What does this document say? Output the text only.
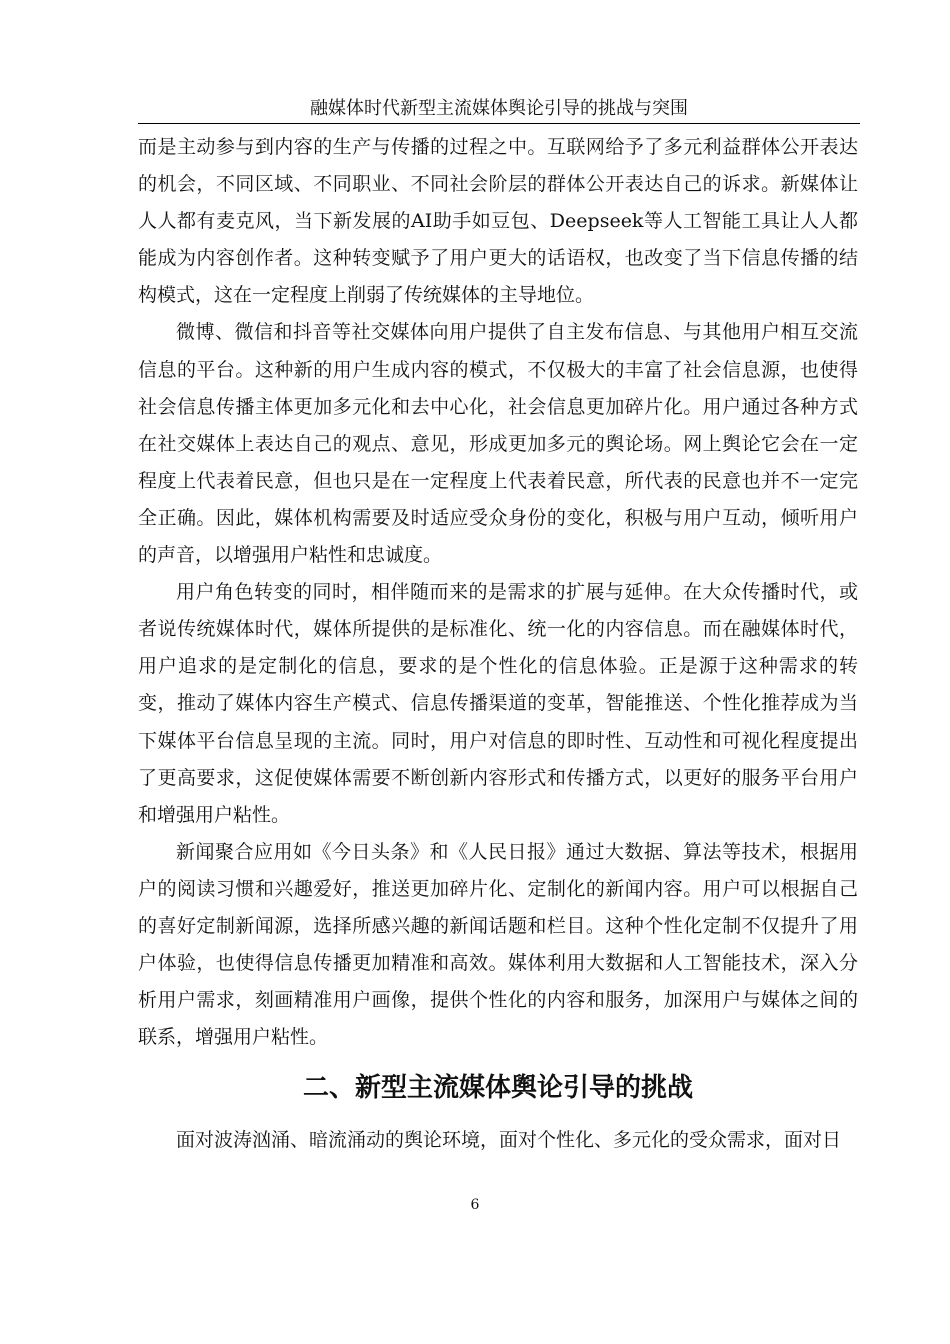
融媒体时代新型主流媒体舆论引导的挑战与突围

而是主动参与到内容的生产与传播的过程之中。互联网给予了多元利益群体公开表达的机会，不同区域、不同职业、不同社会阶层的群体公开表达自己的诉求。新媒体让人人都有麦克风，当下新发展的AI助手如豆包、Deepseek等人工智能工具让人人都能成为内容创作者。这种转变赋予了用户更大的话语权，也改变了当下信息传播的结构模式，这在一定程度上削弱了传统媒体的主导地位。

微博、微信和抖音等社交媒体向用户提供了自主发布信息、与其他用户相互交流信息的平台。这种新的用户生成内容的模式，不仅极大的丰富了社会信息源，也使得社会信息传播主体更加多元化和去中心化，社会信息更加碎片化。用户通过各种方式在社交媒体上表达自己的观点、意见，形成更加多元的舆论场。网上舆论它会在一定程度上代表着民意，但也只是在一定程度上代表着民意，所代表的民意也并不一定完全正确。因此，媒体机构需要及时适应受众身份的变化，积极与用户互动，倾听用户的声音，以增强用户粘性和忠诚度。

用户角色转变的同时，相伴随而来的是需求的扩展与延伸。在大众传播时代，或者说传统媒体时代，媒体所提供的是标准化、统一化的内容信息。而在融媒体时代，用户追求的是定制化的信息，要求的是个性化的信息体验。正是源于这种需求的转变，推动了媒体内容生产模式、信息传播渠道的变革，智能推送、个性化推荐成为当下媒体平台信息呈现的主流。同时，用户对信息的即时性、互动性和可视化程度提出了更高要求，这促使媒体需要不断创新内容形式和传播方式，以更好的服务平台用户和增强用户粘性。

新闻聚合应用如《今日头条》和《人民日报》通过大数据、算法等技术，根据用户的阅读习惯和兴趣爱好，推送更加碎片化、定制化的新闻内容。用户可以根据自己的喜好定制新闻源，选择所感兴趣的新闻话题和栏目。这种个性化定制不仅提升了用户体验，也使得信息传播更加精准和高效。媒体利用大数据和人工智能技术，深入分析用户需求，刻画精准用户画像，提供个性化的内容和服务，加深用户与媒体之间的联系，增强用户粘性。

二、新型主流媒体舆论引导的挑战

面对波涛汹涌、暗流涌动的舆论环境，面对个性化、多元化的受众需求，面对日

6
